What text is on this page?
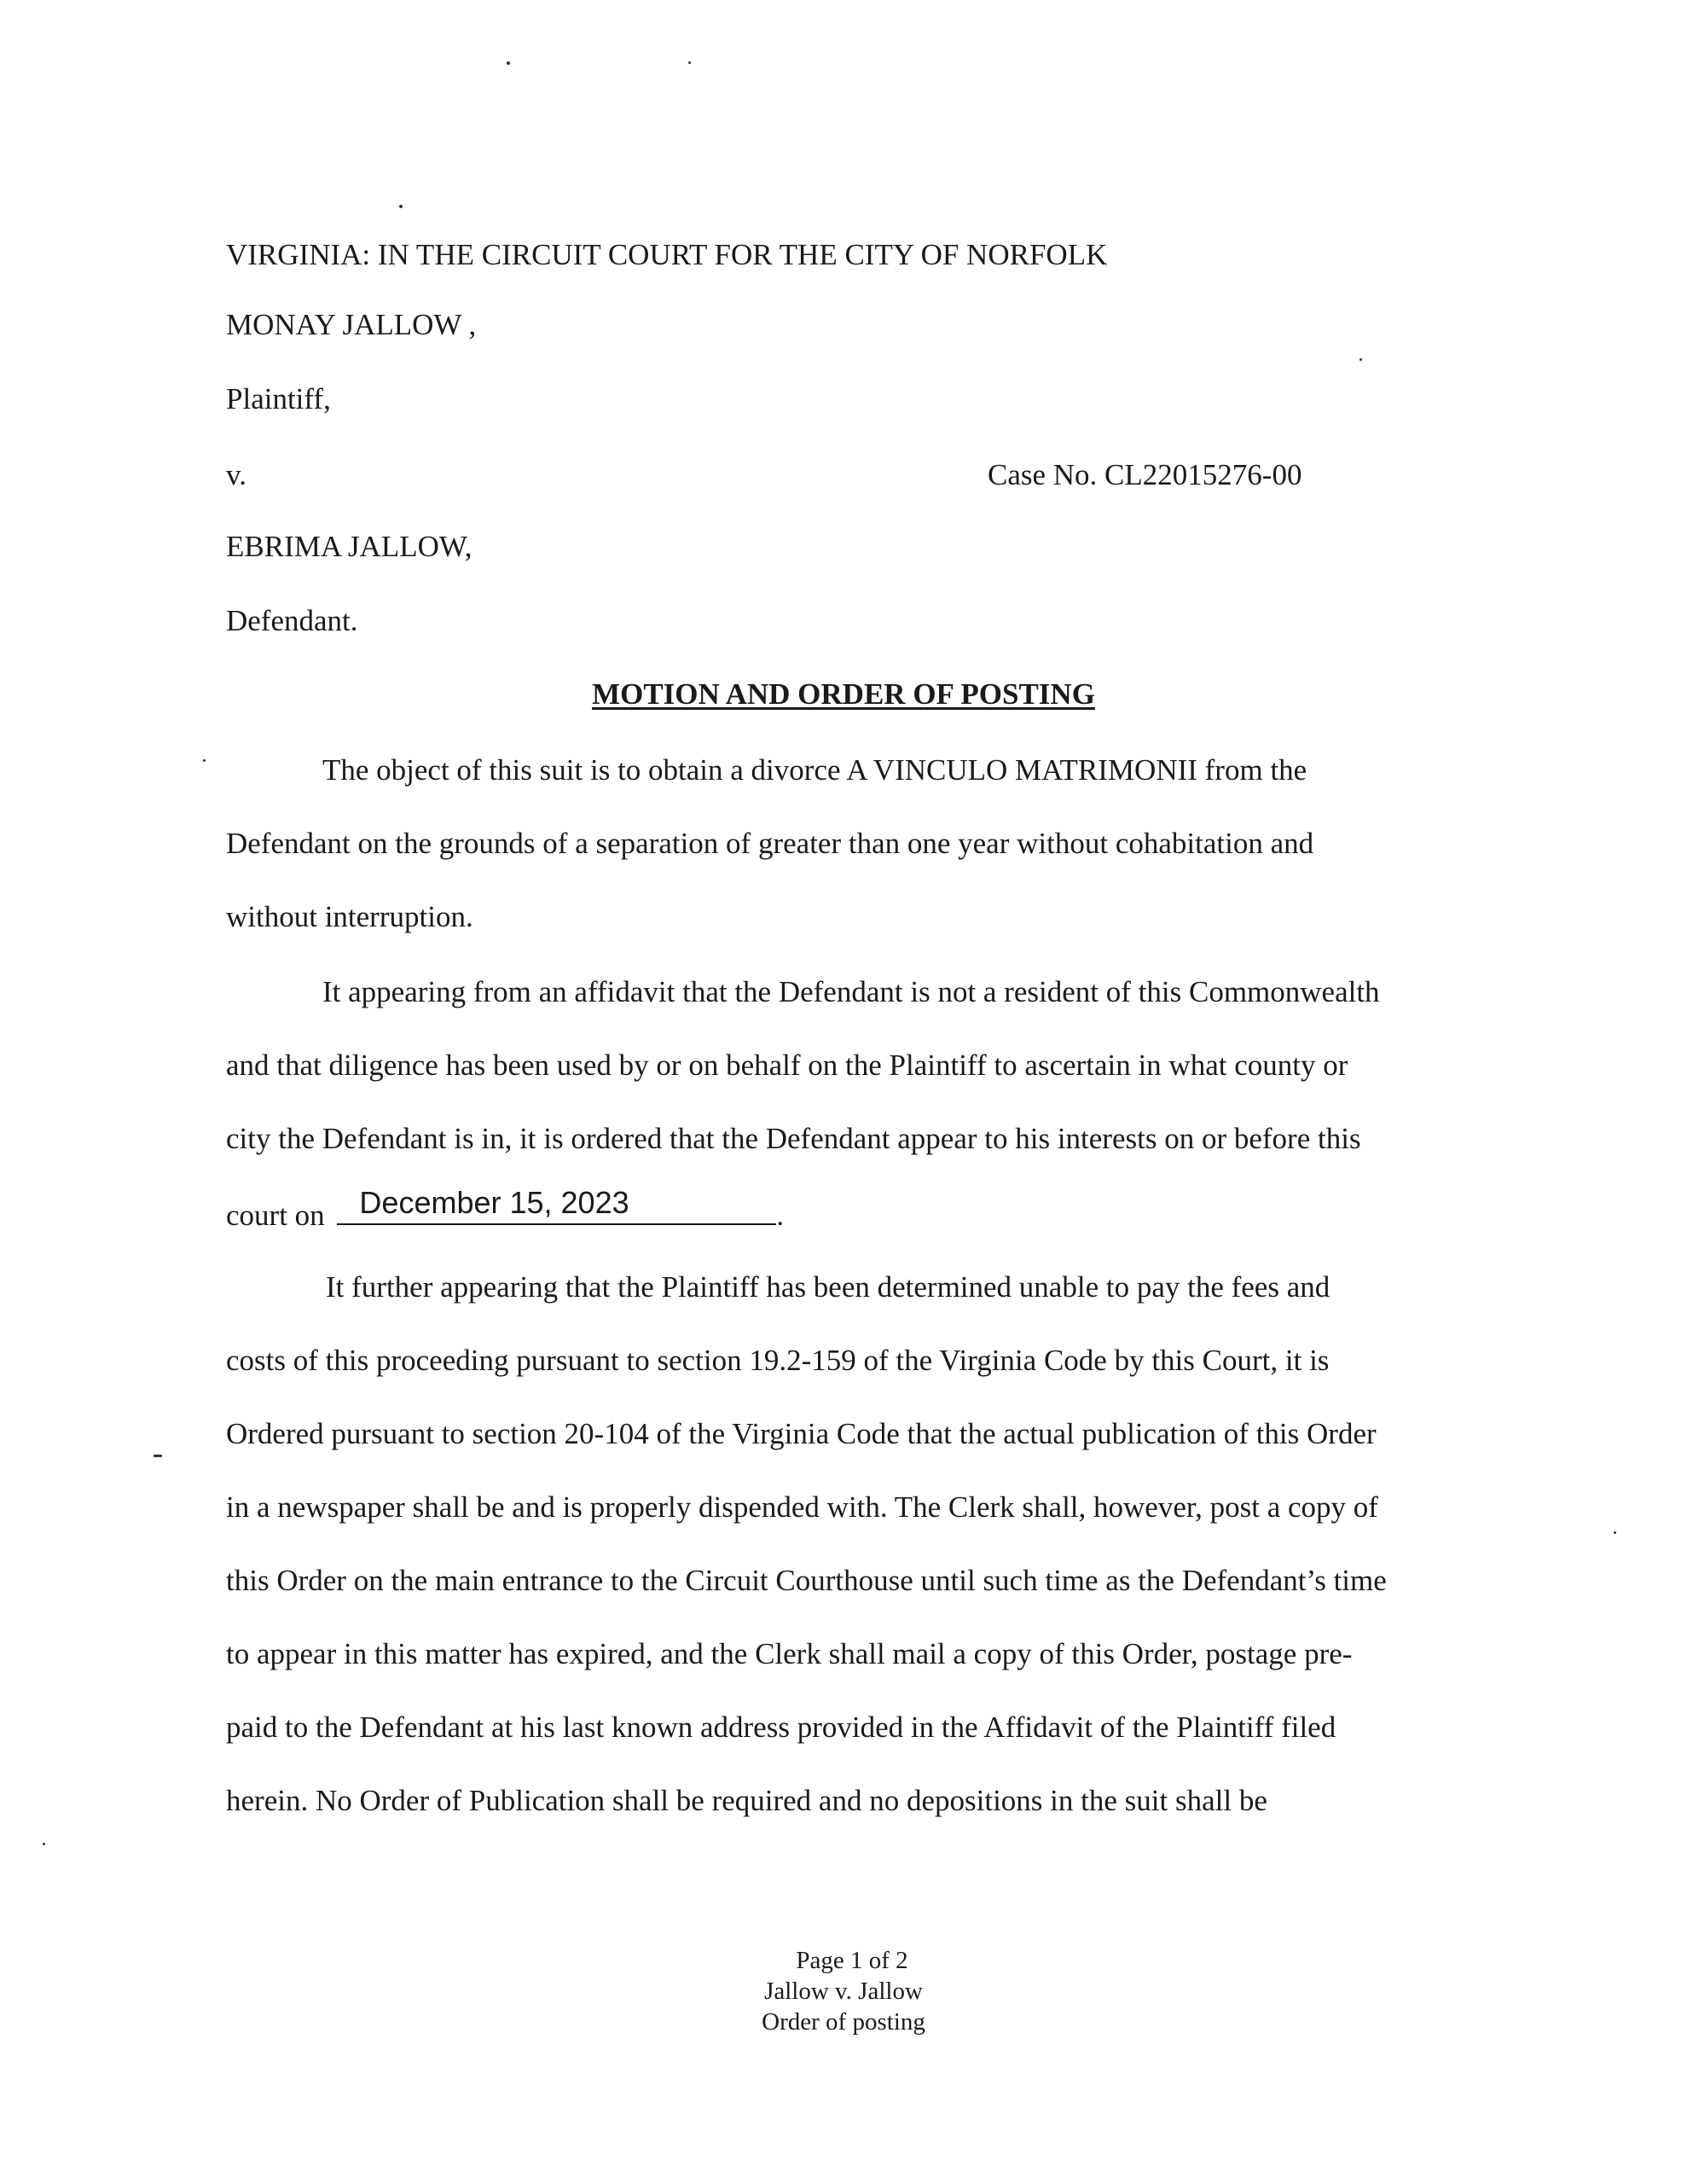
VIRGINIA: IN THE CIRCUIT COURT FOR THE CITY OF NORFOLK
MONAY JALLOW ,
Plaintiff,
v.	Case No. CL22015276-00
EBRIMA JALLOW,
Defendant.
MOTION AND ORDER OF POSTING
The object of this suit is to obtain a divorce A VINCULO MATRIMONII from the
Defendant on the grounds of a separation of greater than one year without cohabitation and
without interruption.
It appearing from an affidavit that the Defendant is not a resident of this Commonwealth
and that diligence has been used by or on behalf on the Plaintiff to ascertain in what county or
city the Defendant is in, it is ordered that the Defendant appear to his interests on or before this
court on December 15, 2023	.
It further appearing that the Plaintiff has been determined unable to pay the fees and
costs of this proceeding pursuant to section 19.2-159 of the Virginia Code by this Court, it is
Ordered pursuant to section 20-104 of the Virginia Code that the actual publication of this Order
in a newspaper shall be and is properly dispended with. The Clerk shall, however, post a copy of
this Order on the main entrance to the Circuit Courthouse until such time as the Defendant’s time
to appear in this matter has expired, and the Clerk shall mail a copy of this Order, postage pre-
paid to the Defendant at his last known address provided in the Affidavit of the Plaintiff filed
herein. No Order of Publication shall be required and no depositions in the suit shall be
Page 1 of 2
Jallow v. Jallow
Order of posting
